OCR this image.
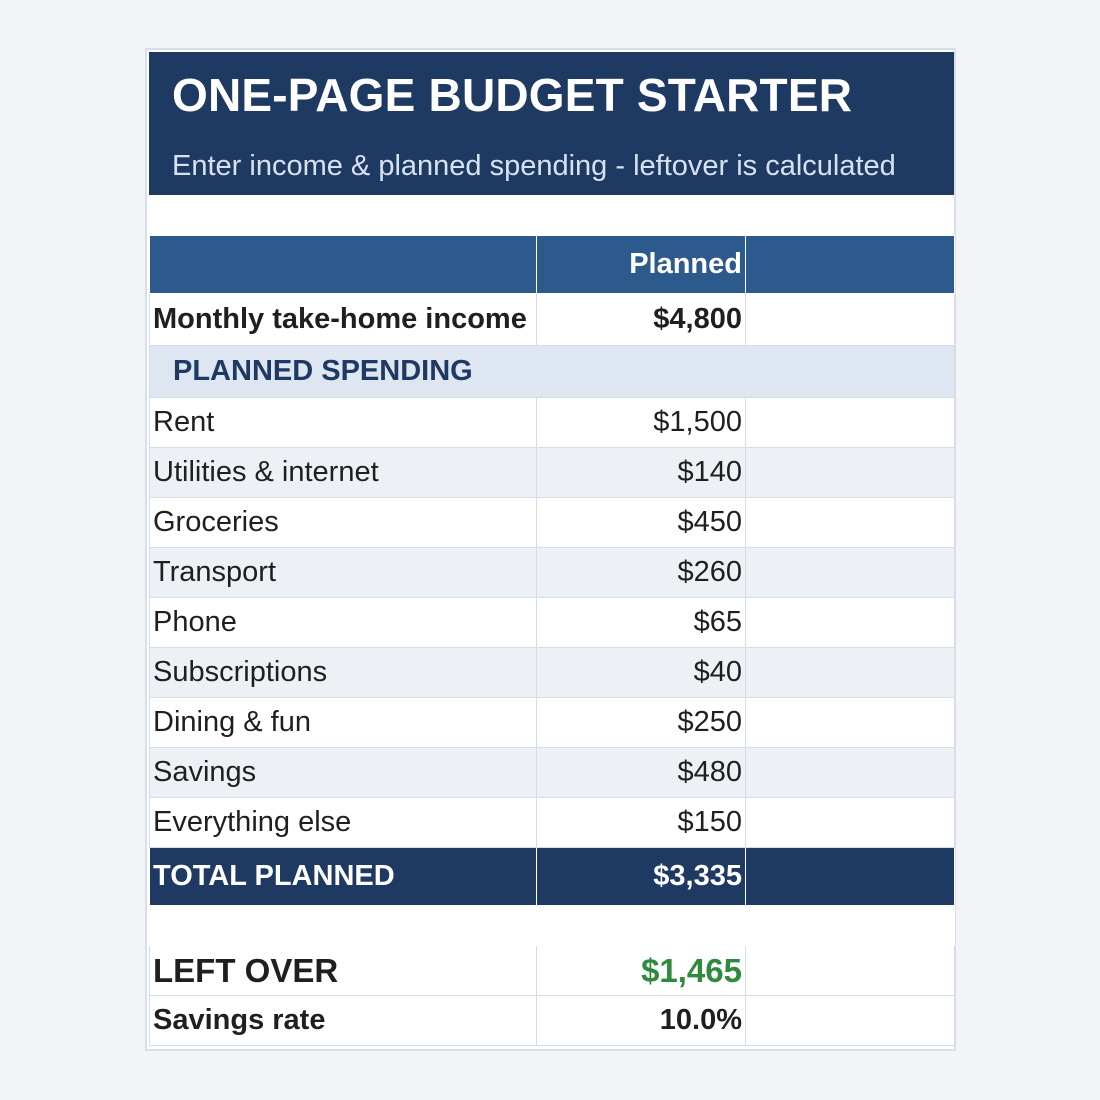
ONE-PAGE BUDGET STARTER
Enter income & planned spending - leftover is calculated
	Planned	
Monthly take-home income	$4,800	
PLANNED SPENDING		
Rent	$1,500	
Utilities & internet	$140	
Groceries	$450	
Transport	$260	
Phone	$65	
Subscriptions	$40	
Dining & fun	$250	
Savings	$480	
Everything else	$150	
TOTAL PLANNED	$3,335	

LEFT OVER	$1,465	
Savings rate	10.0%	
